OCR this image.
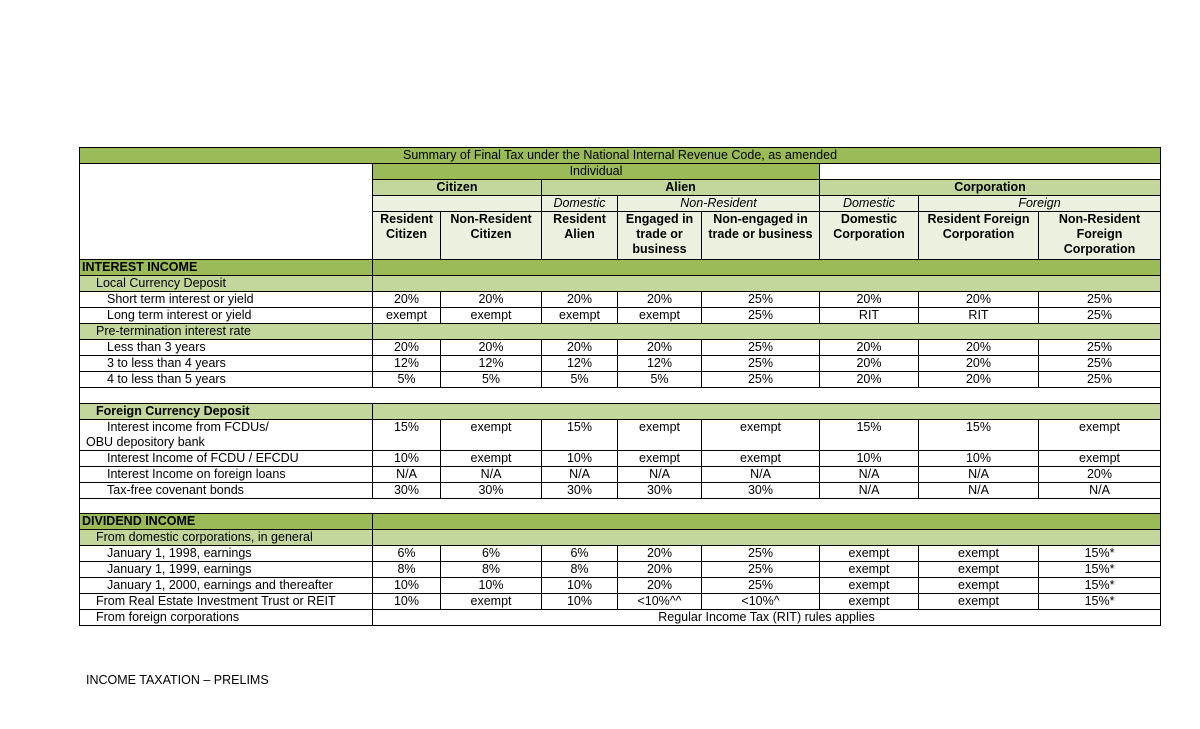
Summary of Final Tax under the National Internal Revenue Code, as amended								
	Individual							
	Citizen		Alien			Corporation		
			Domestic	Non-Resident		Domestic	Foreign	
	Resident Citizen	Non-Resident Citizen	Resident Alien	Engaged in trade or business	Non-engaged in trade or business	Domestic Corporation	Resident Foreign Corporation	Non-Resident Foreign Corporation
INTEREST INCOME								
Local Currency Deposit								
Short term interest or yield	20%	20%	20%	20%	25%	20%	20%	25%
Long term interest or yield	exempt	exempt	exempt	exempt	25%	RIT	RIT	25%
Pre-termination interest rate								
Less than 3 years	20%	20%	20%	20%	25%	20%	20%	25%
3 to less than 4 years	12%	12%	12%	12%	25%	20%	20%	25%
4 to less than 5 years	5%	5%	5%	5%	25%	20%	20%	25%

Foreign Currency Deposit								

Interest income from FCDUs/
OBU depository bank	15%	exempt	15%	exempt	exempt	15%	15%	exempt
Interest Income of FCDU / EFCDU	10%	exempt	10%	exempt	exempt	10%	10%	exempt
Interest Income on foreign loans	N/A	N/A	N/A	N/A	N/A	N/A	N/A	20%
Tax-free covenant bonds	30%	30%	30%	30%	30%	N/A	N/A	N/A

DIVIDEND INCOME								
From domestic corporations, in general								
January 1, 1998, earnings	6%	6%	6%	20%	25%	exempt	exempt	15%*
January 1, 1999, earnings	8%	8%	8%	20%	25%	exempt	exempt	15%*
January 1, 2000, earnings and thereafter	10%	10%	10%	20%	25%	exempt	exempt	15%*
From Real Estate Investment Trust or REIT	10%	exempt	10%	<10%^^	<10%^	exempt	exempt	15%*
From foreign corporations	Regular Income Tax (RIT) rules applies							
INCOME TAXATION – PRELIMS
